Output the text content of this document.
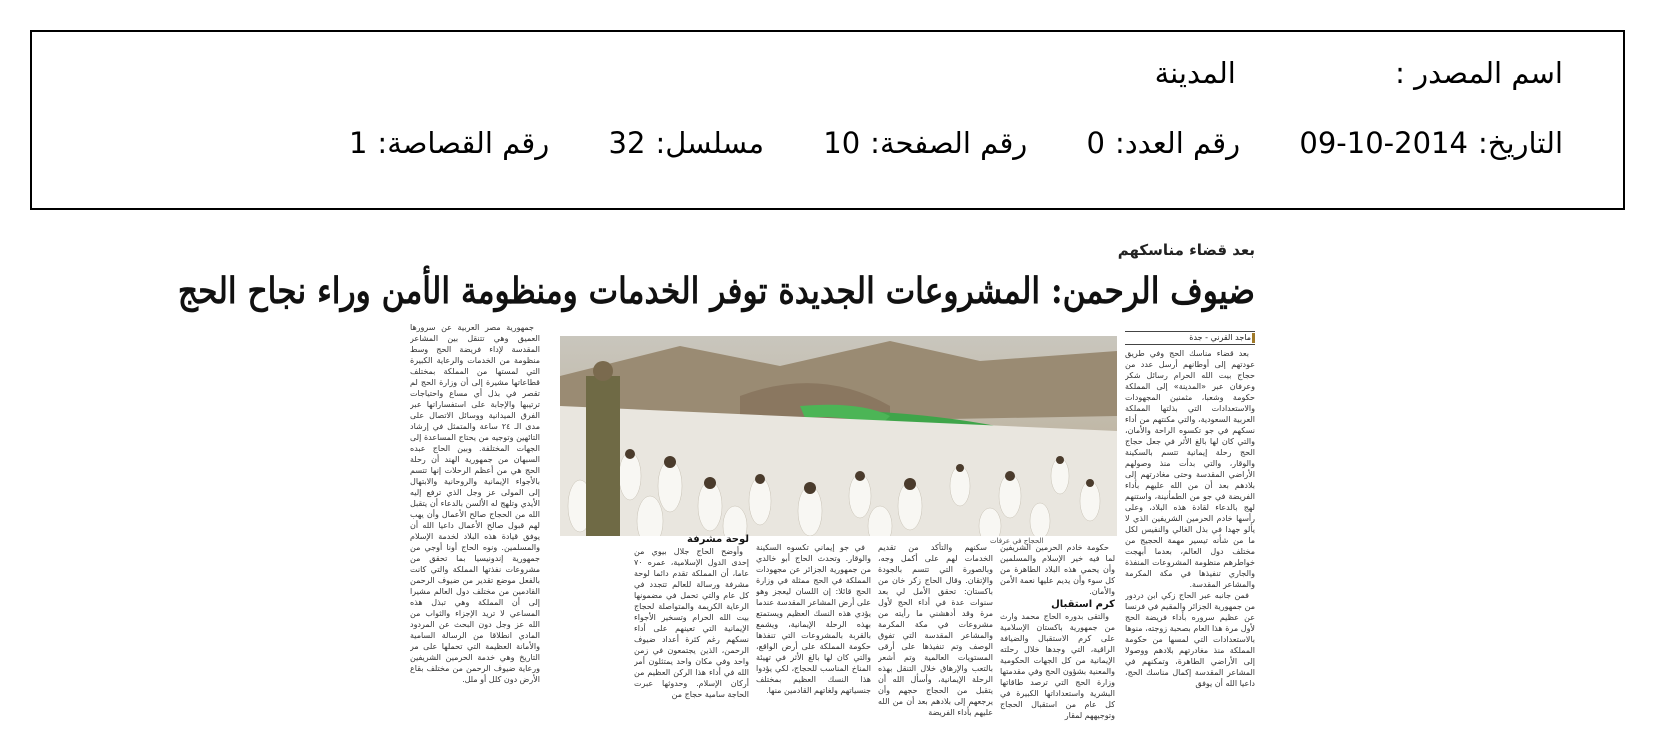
اسم المصدر : المدينة
التاريخ:2014-10-09 رقم العدد:0 رقم الصفحة:10 مسلسل:32 رقم القصاصة:1
بعد قضاء مناسكهم
ضيوف الرحمن: المشروعات الجديدة توفر الخدمات ومنظومة الأمن وراء نجاح الحج
ماجد القرني - جدة
بعد قضاء مناسك الحج وفي طريق عودتهم إلى أوطانهم أرسل عدد من حجاج بيت الله الحرام رسائل شكر وعرفان عبر «المدينة» إلى المملكة حكومة وشعبا، مثمنين المجهودات والاستعدادات التي بذلتها المملكة العربية السعودية، والتي مكنتهم من أداء نسكهم في جو تكسوه الراحة والأمان، والتي كان لها بالغ الأثر في جعل حجاج الحج رحلة إيمانية تتسم بالسكينة والوقار، والتي بدأت منذ وصولهم الأراضي المقدسة وحتى مغادرتهم إلى بلادهم بعد أن من الله عليهم بأداء الفريضة في جو من الطمأنينة، واستنهم لهج بالدعاء لقادة هذه البلاد، وعلى رأسها خادم الحرمين الشريفين الذي لا يألو جهدا في بذل الغالي والنفيس لكل ما من شأنه تيسير مهمة الحجيج من مختلف دول العالم، بعدما أبهجت خواطرهم منظومة المشروعات المنفذة والجاري تنفيذها في مكة المكرمة والمشاعر المقدسة.
فمن جانبه عبر الحاج زكي ابن دردور من جمهورية الجزائر والمقيم في فرنسا عن عظيم سروره بأداء فريضة الحج لأول مرة هذا العام بصحبة زوجته، منوها بالاستعدادات التي لمسها من حكومة المملكة منذ مغادرتهم بلادهم ووصولا إلى الأراضي الطاهرة، وتمكنهم في المشاعر المقدسة إكمال مناسك الحج، داعيا الله أن يوفق
الحجاج في عرفات
حكومة خادم الحرمين الشريفين لما فيه خير الإسلام والمسلمين وأن يحمي هذه البلاد الطاهرة من كل سوء وأن يديم عليها نعمة الأمن والأمان.
كرم استقبال
والتقى بدوره الحاج محمد وارث من جمهورية باكستان الإسلامية على كرم الاستقبال والضيافة الراقية، التي وجدها خلال رحلته الإيمانية من كل الجهات الحكومية والمعنية بشؤون الحج وفي مقدمتها وزارة الحج التي ترصد طاقاتها البشرية واستعداداتها الكبيرة في كل عام من استقبال الحجاج وتوجيههم لمقار
سكنهم والتأكد من تقديم الخدمات لهم على أكمل وجه، وبالصورة التي تتسم بالجودة والإتقان. وقال الحاج زكر خان من باكستان: تحقق الأمل لي بعد سنوات عدة في أداء الحج لأول مرة وقد أدهشني ما رأيته من مشروعات في مكة المكرمة والمشاعر المقدسة التي تفوق الوصف وتم تنفيذها على أرقى المستويات العالمية وتم أشعر بالتعب والإرهاق خلال التنقل بهذه الرحلة الإيمانية، وأسأل الله أن يتقبل من الحجاج حجهم وأن يرجعهم إلى بلادهم بعد أن من الله عليهم بأداء الفريضة
في جو إيماني تكسوه السكينة والوقار. وتحدث الحاج أبو خالدي من جمهورية الجزائر عن مجهودات المملكة في الحج ممثلة في وزارة الحج قائلا: إن اللسان ليعجز وهو على أرض المشاعر المقدسة عندما يؤدي هذه النسك العظيم ويستمتع بهذه الرحلة الإيمانية، ويشمع بالقربة بالمشروعات التي تنفذها حكومة المملكة على أرض الواقع، والتي كان لها بالغ الأثر في تهيئة المناخ المناسب للحجاج، لكي يؤدوا هذا النسك العظيم بمختلف جنسياتهم ولغاتهم القادمين منها.
لوحة مشرفة
وأوضح الحاج جلال بيوي من إحدى الدول الإسلامية، عمره ٧٠ عاما، أن المملكة تقدم دائما لوحة مشرفة ورسالة للعالم تتجدد في كل عام والتي تحمل في مضمونها الرعاية الكريمة والمتواصلة لحجاج بيت الله الحرام وتسخير الأجواء الإيمانية التي تعينهم على أداء نسكهم رغم كثرة أعداد ضيوف الرحمن، الذين يجتمعون في زمن واحد وفي مكان واحد يمتثلون أمر الله في أداء هذا الركن العظيم من أركان الإسلام. وحدوثها عبرت الحاجة سامية حجاج من
جمهورية مصر العربية عن سرورها العميق وهي تتنقل بين المشاعر المقدسة لإداء فريضة الحج وسط منظومة من الخدمات والرعاية الكبيرة التي لمستها من المملكة بمختلف قطاعاتها مشيرة إلى أن وزارة الحج لم تقصر في بذل أي مساع واحتياجات ترتيبها والإجابة على استفساراتها عبر الفرق الميدانية ووسائل الاتصال على مدى الـ ٢٤ ساعة والمتمثل في إرشاد التائهين وتوجيه من يحتاج المساعدة إلى الجهات المختلفة. وبين الحاج عبده السبهان من جمهورية الهند أن رحلة الحج هي من أعظم الرحلات إنها تتسم بالأجواء الإيمانية والروحانية والابتهال إلى المولى عز وجل الذي ترفع إليه الأيدي وتلهج له الألسن بالدعاء أن يتقبل الله من الحجاج صالح الأعمال وأن يهب لهم قبول صالح الأعمال داعيا الله أن يوفق قيادة هذه البلاد لخدمة الإسلام والمسلمين. ونوه الحاج أونا أوجي من جمهورية إندونيسيا بما تحقق من مشروعات نفذتها المملكة والتي كانت بالفعل موضع تقدير من ضيوف الرحمن القادمين من مختلف دول العالم مشيرا إلى أن المملكة وهي تبذل هذه المساعي لا تريد الإجزاء والثواب من الله عز وجل دون البحث عن المردود المادي انطلاقا من الرسالة السامية والأمانة العظيمة التي تحملها على مر التاريخ وهي خدمة الحرمين الشريفين ورعاية ضيوف الرحمن من مختلف بقاع الأرض دون كلل أو ملل.
